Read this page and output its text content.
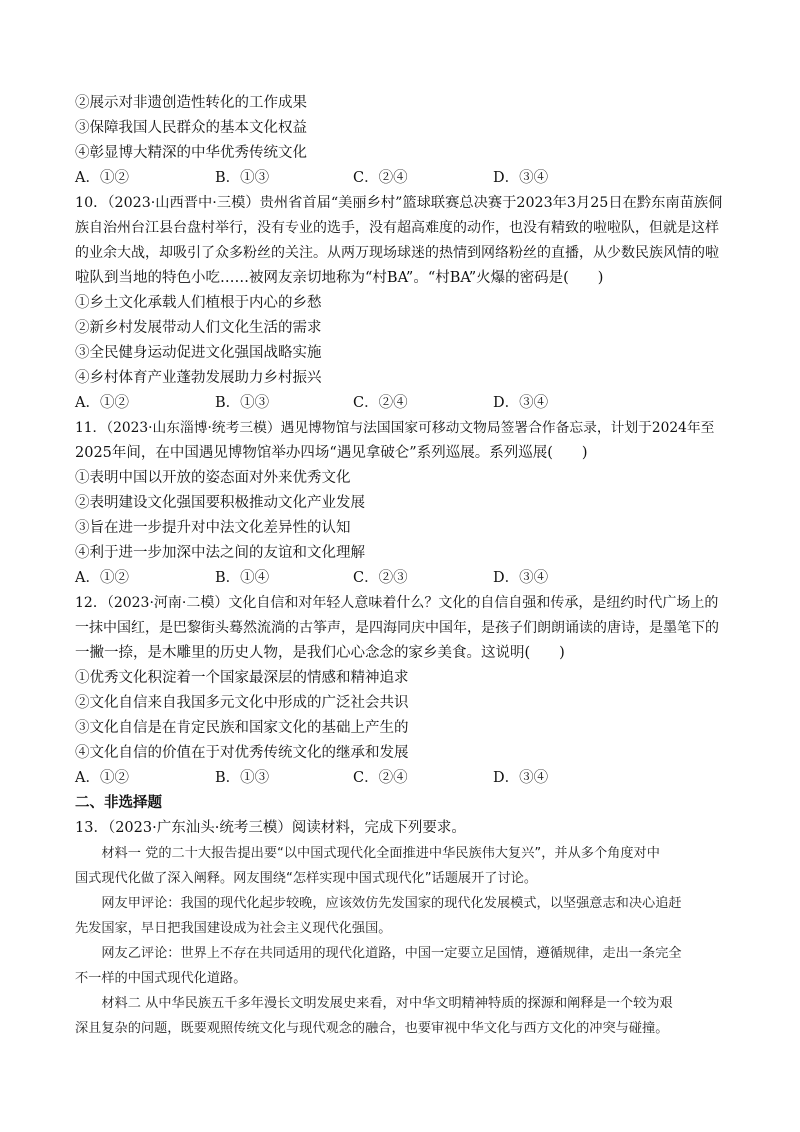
②展示对非遗创造性转化的工作成果
③保障我国人民群众的基本文化权益
④彰显博大精深的中华优秀传统文化
A．①②	B．①③	C．②④	D．③④
10．（2023·山西晋中·三模）贵州省首届“美丽乡村”篮球联赛总决赛于2023年3月25日在黔东南苗族侗
族自治州台江县台盘村举行，没有专业的选手，没有超高难度的动作，也没有精致的啦啦队，但就是这样
的业余大战，却吸引了众多粉丝的关注。从两万现场球迷的热情到网络粉丝的直播，从少数民族风情的啦
啦队到当地的特色小吃……被网友亲切地称为“村BA”。“村BA”火爆的密码是(　　)
①乡土文化承载人们植根于内心的乡愁
②新乡村发展带动人们文化生活的需求
③全民健身运动促进文化强国战略实施
④乡村体育产业蓬勃发展助力乡村振兴
A．①②	B．①③	C．②④	D．③④
11．（2023·山东淄博·统考三模）遇见博物馆与法国国家可移动文物局签署合作备忘录，计划于2024年至
2025年间，在中国遇见博物馆举办四场“遇见拿破仑”系列巡展。系列巡展(　　)
①表明中国以开放的姿态面对外来优秀文化
②表明建设文化强国要积极推动文化产业发展
③旨在进一步提升对中法文化差异性的认知
④利于进一步加深中法之间的友谊和文化理解
A．①②	B．①④	C．②③	D．③④
12．（2023·河南·二模）文化自信和对年轻人意味着什么？文化的自信自强和传承，是纽约时代广场上的
一抹中国红，是巴黎街头蓦然流淌的古筝声，是四海同庆中国年，是孩子们朗朗诵读的唐诗，是墨笔下的
一撇一捺，是木雕里的历史人物，是我们心心念念的家乡美食。这说明(　　)
①优秀文化积淀着一个国家最深层的情感和精神追求
②文化自信来自我国多元文化中形成的广泛社会共识
③文化自信是在肯定民族和国家文化的基础上产生的
④文化自信的价值在于对优秀传统文化的继承和发展
A．①②	B．①③	C．②④	D．③④
二、非选择题
13．（2023·广东汕头·统考三模）阅读材料，完成下列要求。
　　材料一 党的二十大报告提出要“以中国式现代化全面推进中华民族伟大复兴”，并从多个角度对中
国式现代化做了深入阐释。网友围绕“怎样实现中国式现代化”话题展开了讨论。
　　网友甲评论：我国的现代化起步较晚，应该效仿先发国家的现代化发展模式，以坚强意志和决心追赶
先发国家，早日把我国建设成为社会主义现代化强国。
　　网友乙评论：世界上不存在共同适用的现代化道路，中国一定要立足国情，遵循规律，走出一条完全
不一样的中国式现代化道路。
　　材料二 从中华民族五千多年漫长文明发展史来看，对中华文明精神特质的探源和阐释是一个较为艰
深且复杂的问题，既要观照传统文化与现代观念的融合，也要审视中华文化与西方文化的冲突与碰撞。
